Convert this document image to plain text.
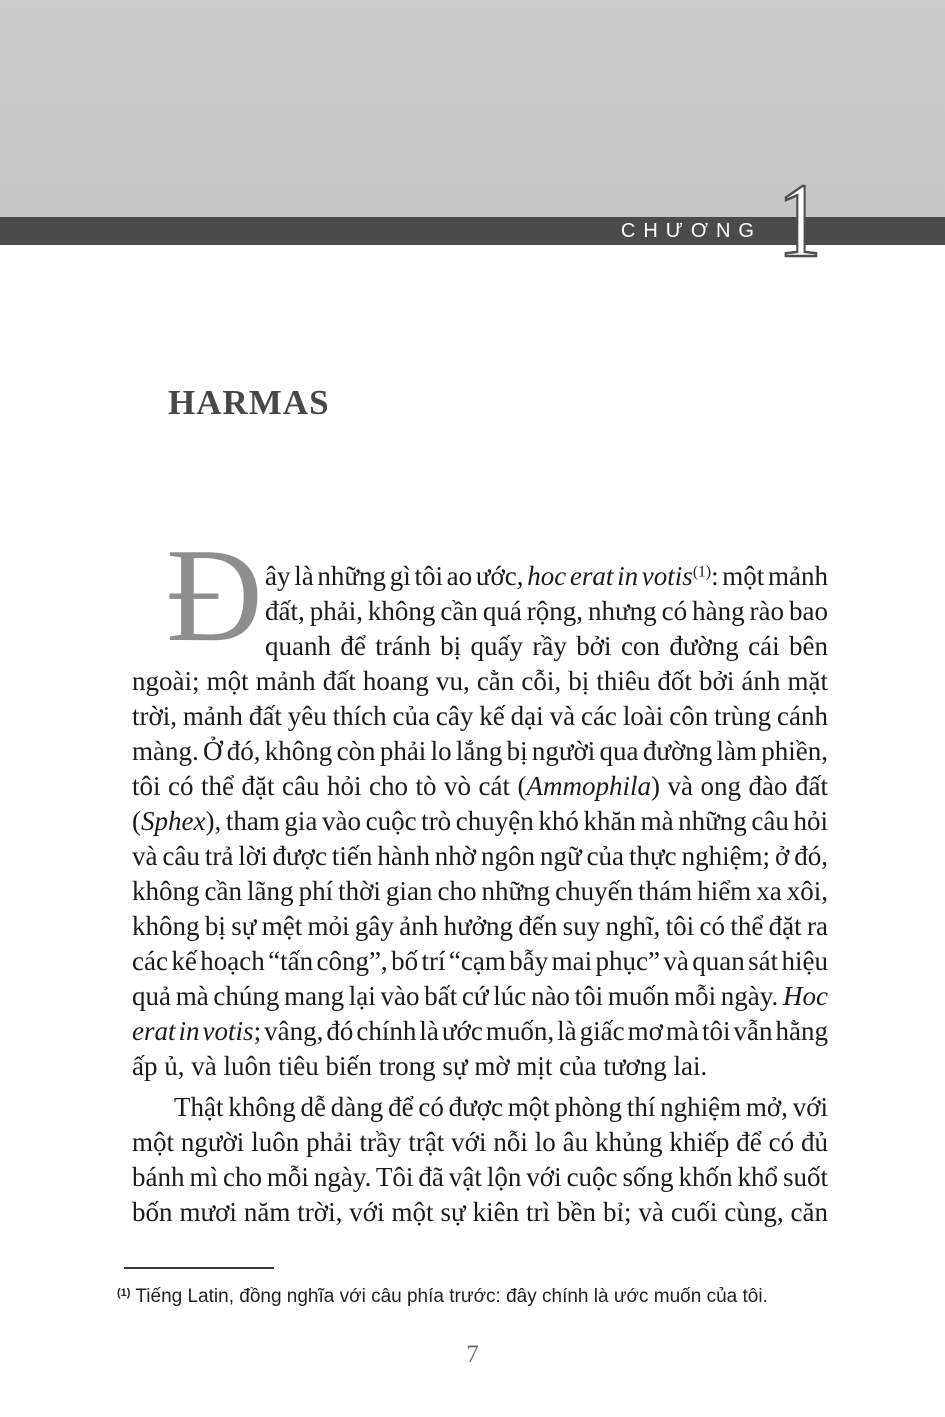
CHƯƠNG 1
HARMAS
Đ ây là những gì tôi ao ước, hoc erat in votis$^{(1)}$: một mảnh
đất, phải, không cần quá rộng, nhưng có hàng rào bao
quanh để tránh bị quấy rầy bởi con đường cái bên
ngoài; một mảnh đất hoang vu, cằn cỗi, bị thiêu đốt bởi ánh mặt
trời, mảnh đất yêu thích của cây kế dại và các loài côn trùng cánh
màng. Ở đó, không còn phải lo lắng bị người qua đường làm phiền,
tôi có thể đặt câu hỏi cho tò vò cát (Ammophila) và ong đào đất
(Sphex), tham gia vào cuộc trò chuyện khó khăn mà những câu hỏi
và câu trả lời được tiến hành nhờ ngôn ngữ của thực nghiệm; ở đó,
không cần lãng phí thời gian cho những chuyến thám hiểm xa xôi,
không bị sự mệt mỏi gây ảnh hưởng đến suy nghĩ, tôi có thể đặt ra
các kế hoạch “tấn công”, bố trí “cạm bẫy mai phục” và quan sát hiệu
quả mà chúng mang lại vào bất cứ lúc nào tôi muốn mỗi ngày. Hoc
erat in votis; vâng, đó chính là ước muốn, là giấc mơ mà tôi vẫn hằng
ấp ủ, và luôn tiêu biến trong sự mờ mịt của tương lai.
Thật không dễ dàng để có được một phòng thí nghiệm mở, với
một người luôn phải trầy trật với nỗi lo âu khủng khiếp để có đủ
bánh mì cho mỗi ngày. Tôi đã vật lộn với cuộc sống khốn khổ suốt
bốn mươi năm trời, với một sự kiên trì bền bỉ; và cuối cùng, căn
$^{(1)}$ Tiếng Latin, đồng nghĩa với câu phía trước: đây chính là ước muốn của tôi.
7
